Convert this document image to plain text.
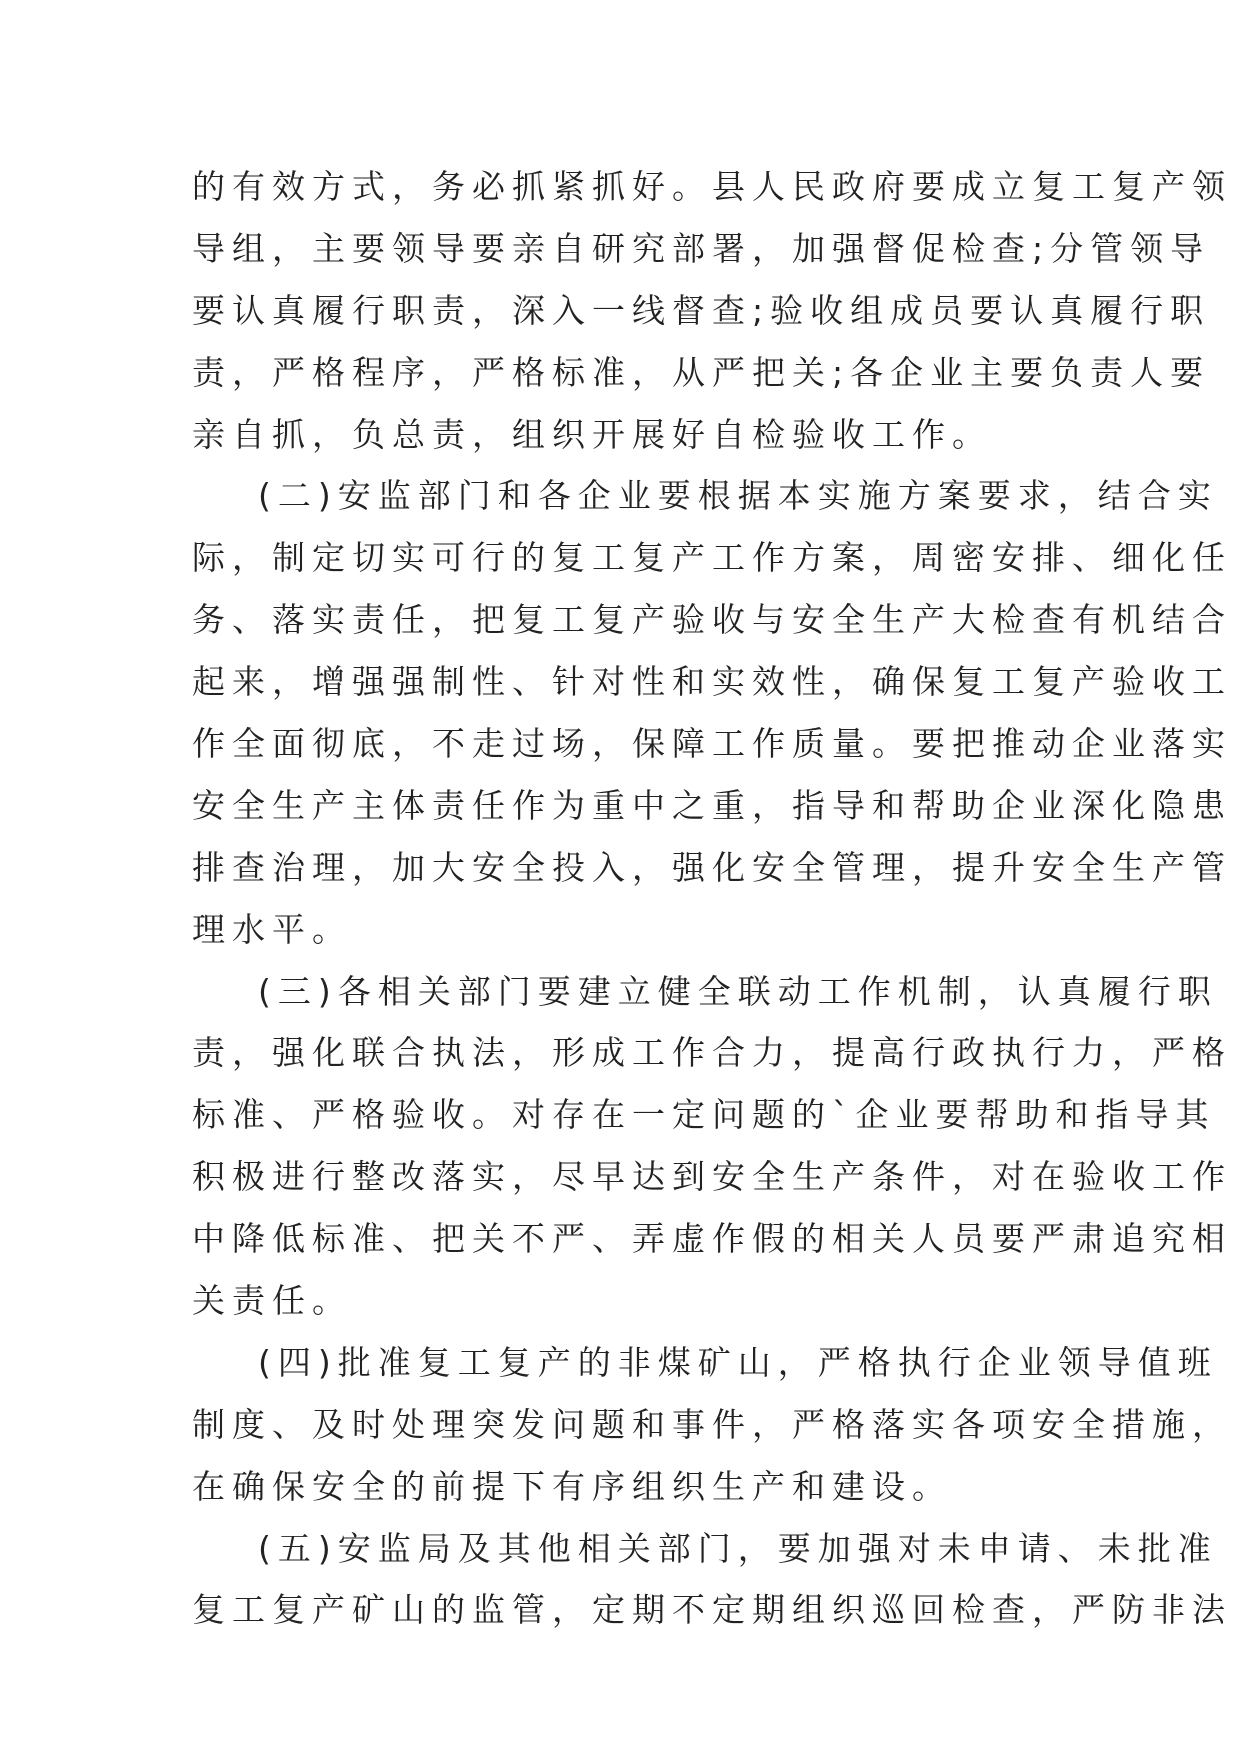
的有效方式，务必抓紧抓好。县人民政府要成立复工复产领
导组，主要领导要亲自研究部署，加强督促检查;分管领导
要认真履行职责，深入一线督查;验收组成员要认真履行职
责，严格程序，严格标准，从严把关;各企业主要负责人要
亲自抓，负总责，组织开展好自检验收工作。
(二)安监部门和各企业要根据本实施方案要求，结合实
际，制定切实可行的复工复产工作方案，周密安排、细化任
务、落实责任，把复工复产验收与安全生产大检查有机结合
起来，增强强制性、针对性和实效性，确保复工复产验收工
作全面彻底，不走过场，保障工作质量。要把推动企业落实
安全生产主体责任作为重中之重，指导和帮助企业深化隐患
排查治理，加大安全投入，强化安全管理，提升安全生产管
理水平。
(三)各相关部门要建立健全联动工作机制，认真履行职
责，强化联合执法，形成工作合力，提高行政执行力，严格
标准、严格验收。对存在一定问题的`企业要帮助和指导其
积极进行整改落实，尽早达到安全生产条件，对在验收工作
中降低标准、把关不严、弄虚作假的相关人员要严肃追究相
关责任。
(四)批准复工复产的非煤矿山，严格执行企业领导值班
制度、及时处理突发问题和事件，严格落实各项安全措施，
在确保安全的前提下有序组织生产和建设。
(五)安监局及其他相关部门，要加强对未申请、未批准
复工复产矿山的监管，定期不定期组织巡回检查，严防非法
